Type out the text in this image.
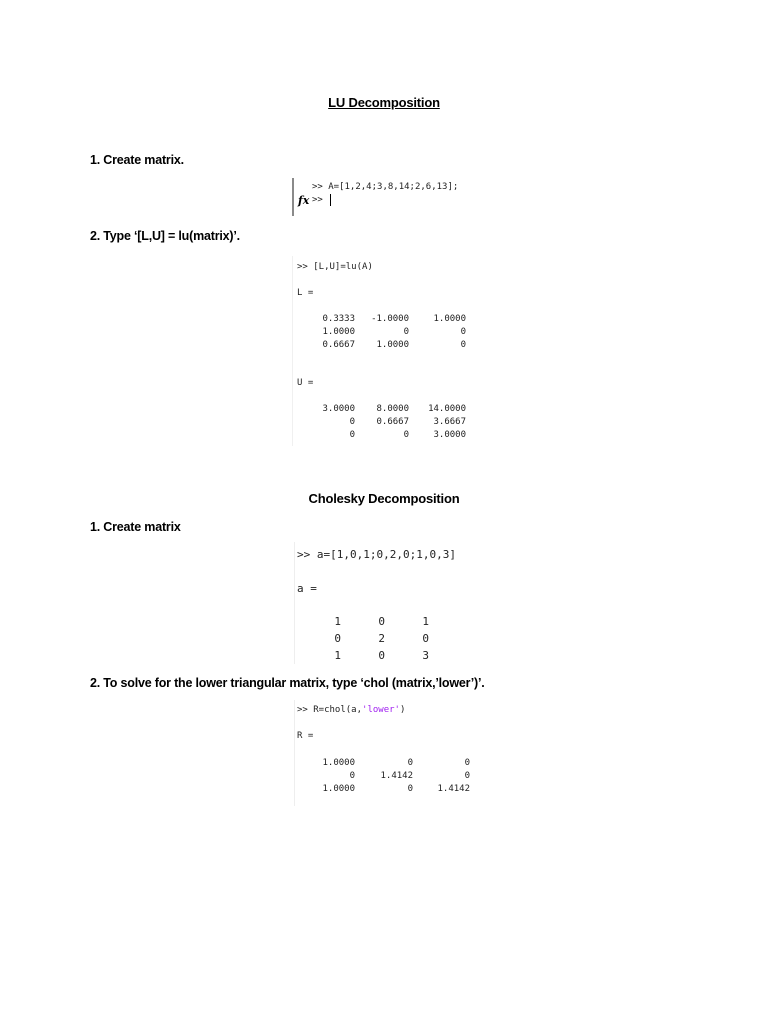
LU Decomposition
1. Create matrix.
>> A=[1,2,4;3,8,14;2,6,13];
fx >>
2. Type ‘[L,U] = lu(matrix)’.
>> [L,U]=lu(A)
L =
0.3333	-1.0000	1.0000
1.0000	0	0
0.6667	1.0000	0
U =
3.0000	8.0000	14.0000
0	0.6667	3.6667
0	0	3.0000
Cholesky Decomposition
1. Create matrix
>> a=[1,0,1;0,2,0;1,0,3]
a =
1	0	1
0	2	0
1	0	3
2. To solve for the lower triangular matrix, type ‘chol (matrix,’lower’)’.
>> R=chol(a,'lower')
R =
1.0000	0	0
0	1.4142	0
1.0000	0	1.4142
